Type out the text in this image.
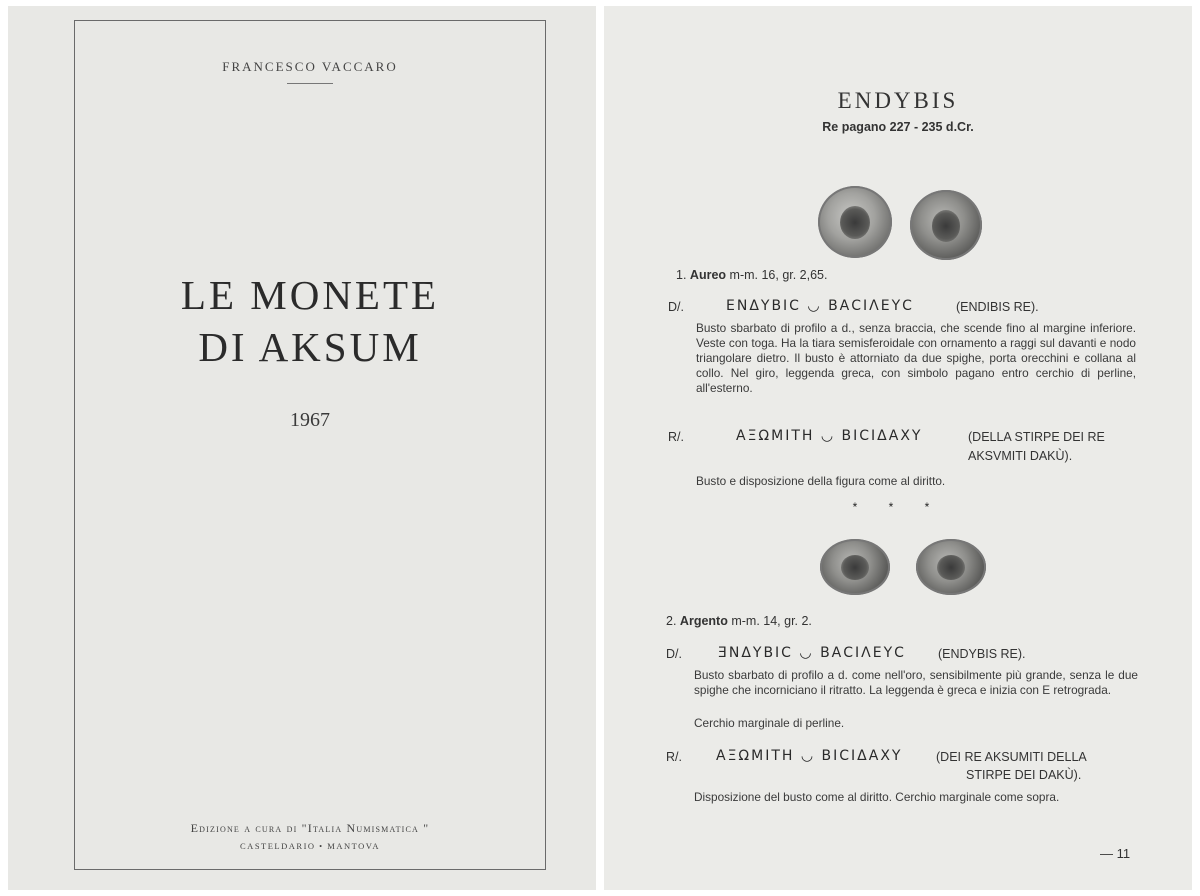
FRANCESCO VACCARO
LE MONETE
DI AKSUM
1967
Edizione a cura di "Italia Numismatica "
CASTELDARIO • MANTOVA
ENDYBIS
Re pagano 227 - 235 d.Cr.
1. Aureo m-m. 16, gr. 2,65.
D/.	ΕΝΔΥΒΙC ◡ ΒΑCΙΛΕΥC	(ENDIBIS RE).
Busto sbarbato di profilo a d., senza braccia, che scende fino al margine inferiore. Veste con toga. Ha la tiara semisferoidale con ornamento a raggi sul davanti e nodo triangolare dietro. Il busto è attorniato da due spighe, porta orecchini e collana al collo. Nel giro, leggenda greca, con simbolo pagano entro cerchio di perline, all'esterno.
R/.	ΑΞΩΜΙΤΗ ◡ ΒΙCΙΔΑΧΥ	(DELLA STIRPE DEI RE
AKSVMITI DAKÙ).
Busto e disposizione della figura come al diritto.
* * *
2. Argento m-m. 14, gr. 2.
D/.	ƎΝΔΥΒΙC ◡ ΒΑCΙΛΕΥC	(ENDYBIS RE).
Busto sbarbato di profilo a d. come nell'oro, sensibilmente più grande, senza le due spighe che incorniciano il ritratto. La leggenda è greca e inizia con E retrograda.
Cerchio marginale di perline.
R/. ΑΞΩΜΙΤΗ ◡ ΒΙCΙΔΑΧΥ	(DEI RE AKSUMITI DELLA
STIRPE DEI DAKÙ).
Disposizione del busto come al diritto. Cerchio marginale come sopra.
— 11
